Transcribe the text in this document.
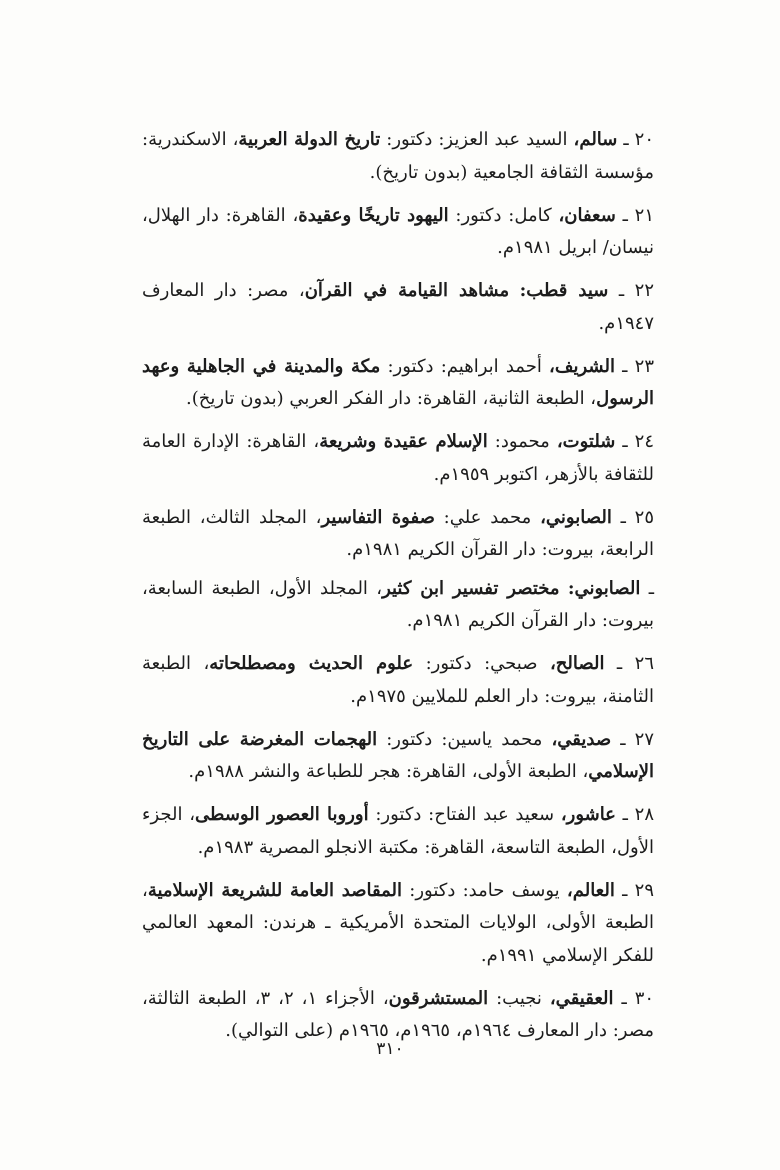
٢٠ ـ سالم، السيد عبد العزيز: دكتور: تاريخ الدولة العربية، الاسكندرية: مؤسسة الثقافة الجامعية (بدون تاريخ).

٢١ ـ سعفان، كامل: دكتور: اليهود تاريخًا وعقيدة، القاهرة: دار الهلال، نيسان/ ابريل ١٩٨١م.

٢٢ ـ سيد قطب: مشاهد القيامة في القرآن، مصر: دار المعارف ١٩٤٧م.

٢٣ ـ الشريف، أحمد ابراهيم: دكتور: مكة والمدينة في الجاهلية وعهد الرسول، الطبعة الثانية، القاهرة: دار الفكر العربي (بدون تاريخ).

٢٤ ـ شلتوت، محمود: الإسلام عقيدة وشريعة، القاهرة: الإدارة العامة للثقافة بالأزهر، اكتوبر ١٩٥٩م.

٢٥ ـ الصابوني، محمد علي: صفوة التفاسير، المجلد الثالث، الطبعة الرابعة، بيروت: دار القرآن الكريم ١٩٨١م.

ـ الصابوني: مختصر تفسير ابن كثير، المجلد الأول، الطبعة السابعة، بيروت: دار القرآن الكريم ١٩٨١م.

٢٦ ـ الصالح، صبحي: دكتور: علوم الحديث ومصطلحاته، الطبعة الثامنة، بيروت: دار العلم للملايين ١٩٧٥م.

٢٧ ـ صديقي، محمد ياسين: دكتور: الهجمات المغرضة على التاريخ الإسلامي، الطبعة الأولى، القاهرة: هجر للطباعة والنشر ١٩٨٨م.

٢٨ ـ عاشور، سعيد عبد الفتاح: دكتور: أوروبا العصور الوسطى، الجزء الأول، الطبعة التاسعة، القاهرة: مكتبة الانجلو المصرية ١٩٨٣م.

٢٩ ـ العالم، يوسف حامد: دكتور: المقاصد العامة للشريعة الإسلامية، الطبعة الأولى، الولايات المتحدة الأمريكية ـ هرندن: المعهد العالمي للفكر الإسلامي ١٩٩١م.

٣٠ ـ العقيقي، نجيب: المستشرقون، الأجزاء ١، ٢، ٣، الطبعة الثالثة، مصر: دار المعارف ١٩٦٤م، ١٩٦٥م، ١٩٦٥م (على التوالي).

٣١٠
